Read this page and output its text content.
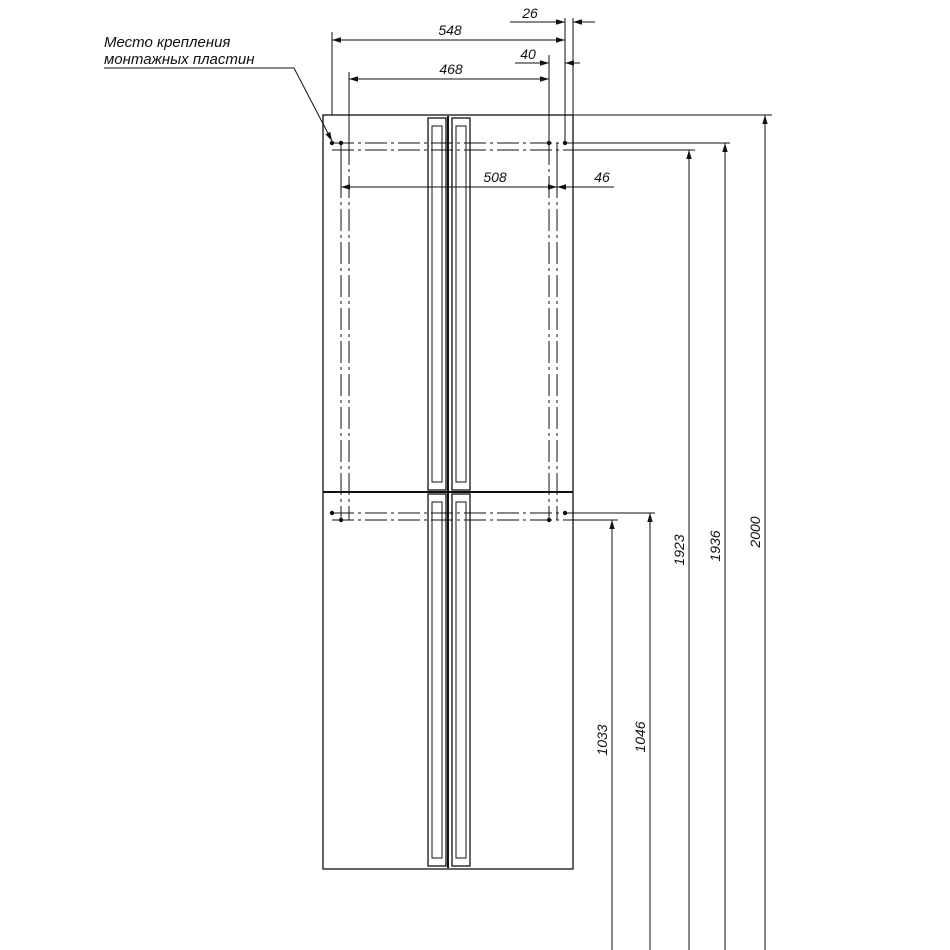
548
26
40
468
508	46
2000
1936
1923
1046
1033
Место крепления
монтажных пластин
